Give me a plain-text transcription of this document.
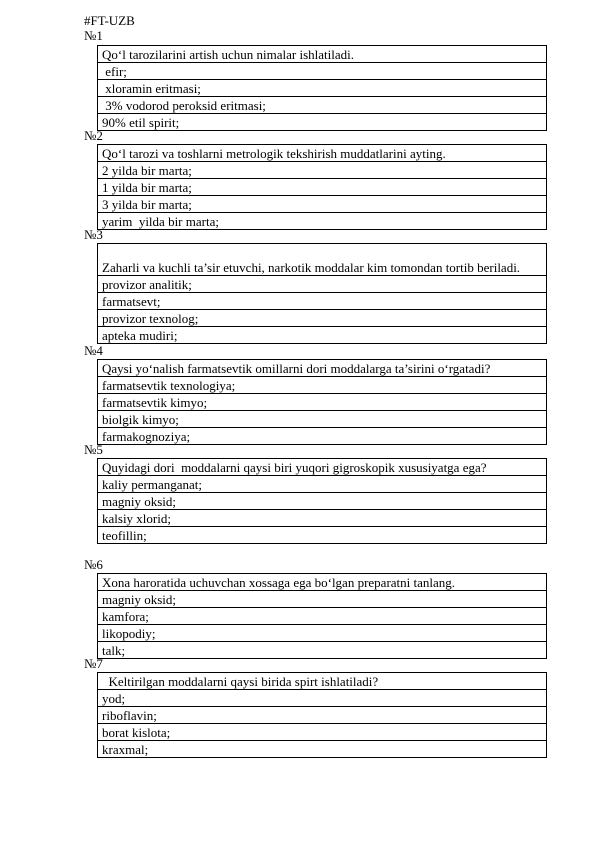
#FT-UZB
№1
Qo‘l tarozilarini artish uchun nimalar ishlatiladi.
efir;
xloramin eritmasi;
3% vodorod peroksid eritmasi;
90% etil spirit;
№2
Qo‘l tarozi va toshlarni metrologik tekshirish muddatlarini ayting.
2 yilda bir marta;
1 yilda bir marta;
3 yilda bir marta;
yarim  yilda bir marta;
№3
Zaharli va kuchli ta’sir etuvchi, narkotik moddalar kim tomondan tortib beriladi.
provizor analitik;
farmatsevt;
provizor texnolog;
apteka mudiri;
№4
Qaysi yo‘nalish farmatsevtik omillarni dori moddalarga ta’sirini o‘rgatadi?
farmatsevtik texnologiya;
farmatsevtik kimyo;
biolgik kimyo;
farmakognoziya;
№5
Quyidagi dori  moddalarni qaysi biri yuqori gigroskopik xususiyatga ega?
kaliy permanganat;
magniy oksid;
kalsiy xlorid;
teofillin;
№6
Xona haroratida uchuvchan xossaga ega bo‘lgan preparatni tanlang.
magniy oksid;
kamfora;
likopodiy;
talk;
№7
Keltirilgan moddalarni qaysi birida spirt ishlatiladi?
yod;
riboflavin;
borat kislota;
kraxmal;
